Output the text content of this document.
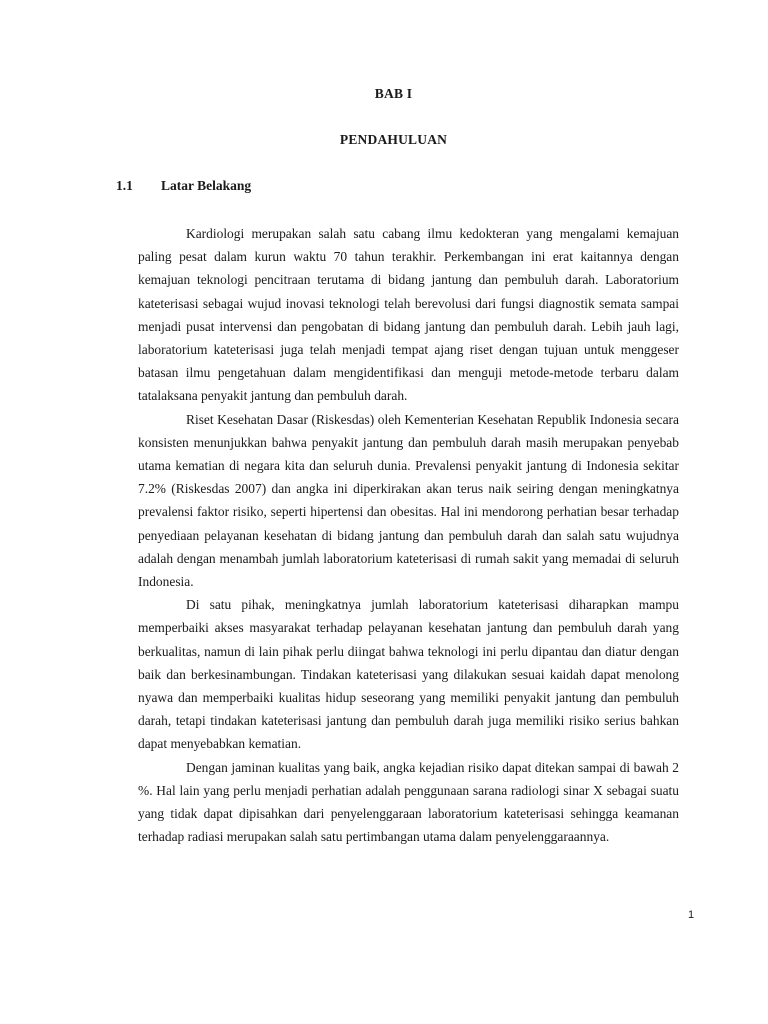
BAB I
PENDAHULUAN
1.1 Latar Belakang

Kardiologi merupakan salah satu cabang ilmu kedokteran yang mengalami kemajuan paling pesat dalam kurun waktu 70 tahun terakhir. Perkembangan ini erat kaitannya dengan kemajuan teknologi pencitraan terutama di bidang jantung dan pembuluh darah. Laboratorium kateterisasi sebagai wujud inovasi teknologi telah berevolusi dari fungsi diagnostik semata sampai menjadi pusat intervensi dan pengobatan di bidang jantung dan pembuluh darah. Lebih jauh lagi, laboratorium kateterisasi juga telah menjadi tempat ajang riset dengan tujuan untuk menggeser batasan ilmu pengetahuan dalam mengidentifikasi dan menguji metode-metode terbaru dalam tatalaksana penyakit jantung dan pembuluh darah.

Riset Kesehatan Dasar (Riskesdas) oleh Kementerian Kesehatan Republik Indonesia secara konsisten menunjukkan bahwa penyakit jantung dan pembuluh darah masih merupakan penyebab utama kematian di negara kita dan seluruh dunia. Prevalensi penyakit jantung di Indonesia sekitar 7.2% (Riskesdas 2007) dan angka ini diperkirakan akan terus naik seiring dengan meningkatnya prevalensi faktor risiko, seperti hipertensi dan obesitas. Hal ini mendorong perhatian besar terhadap penyediaan pelayanan kesehatan di bidang jantung dan pembuluh darah dan salah satu wujudnya adalah dengan menambah jumlah laboratorium kateterisasi di rumah sakit yang memadai di seluruh Indonesia.

Di satu pihak, meningkatnya jumlah laboratorium kateterisasi diharapkan mampu memperbaiki akses masyarakat terhadap pelayanan kesehatan jantung dan pembuluh darah yang berkualitas, namun di lain pihak perlu diingat bahwa teknologi ini perlu dipantau dan diatur dengan baik dan berkesinambungan. Tindakan kateterisasi yang dilakukan sesuai kaidah dapat menolong nyawa dan memperbaiki kualitas hidup seseorang yang memiliki penyakit jantung dan pembuluh darah, tetapi tindakan kateterisasi jantung dan pembuluh darah juga memiliki risiko serius bahkan dapat menyebabkan kematian.

Dengan jaminan kualitas yang baik, angka kejadian risiko dapat ditekan sampai di bawah 2 %. Hal lain yang perlu menjadi perhatian adalah penggunaan sarana radiologi sinar X sebagai suatu yang tidak dapat dipisahkan dari penyelenggaraan laboratorium kateterisasi sehingga keamanan terhadap radiasi merupakan salah satu pertimbangan utama dalam penyelenggaraannya.

1
